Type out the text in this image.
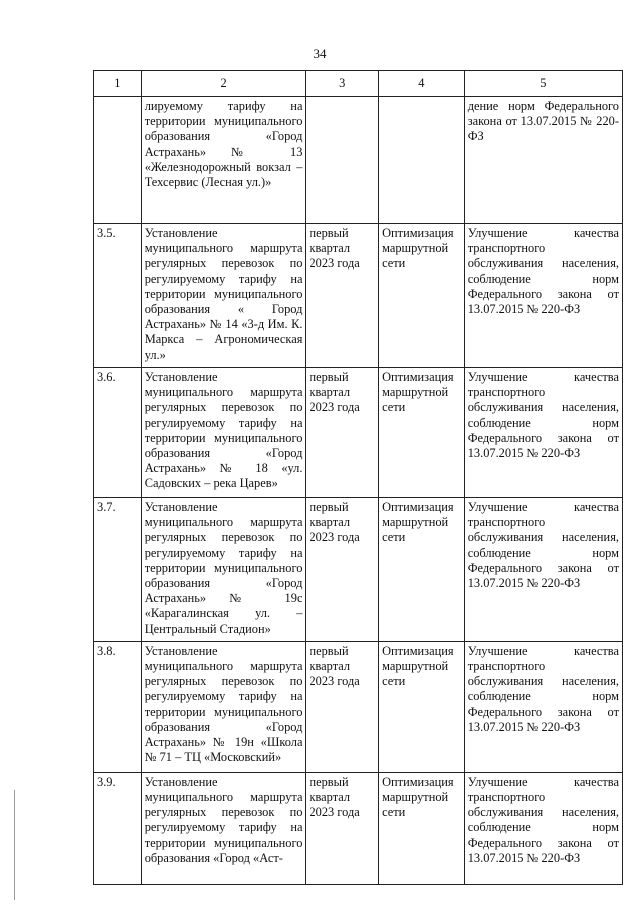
34
1	2	3	4	5
	лируемому тарифу на территории муниципального образования «Город Астрахань» № 13 «Железнодорожный вокзал – Техсервис (Лесная ул.)»			дение норм Федерального закона от 13.07.2015 № 220-ФЗ
3.5.	Установление муниципального маршрута регулярных перевозок по регулируемому тарифу на территории муниципального образования « Город Астрахань» № 14 «3-д Им. К. Маркса – Агрономическая ул.»	первый квартал 2023 года	Оптимизация маршрутной сети	Улучшение качества транспортного обслуживания населения, соблюдение норм Федерального закона от 13.07.2015 № 220-ФЗ
3.6.	Установление муниципального маршрута регулярных перевозок по регулируемому тарифу на территории муниципального образования «Город Астрахань» № 18 «ул. Садовских – река Царев»	первый квартал 2023 года	Оптимизация маршрутной сети	Улучшение качества транспортного обслуживания населения, соблюдение норм Федерального закона от 13.07.2015 № 220-ФЗ
3.7.	Установление муниципального маршрута регулярных перевозок по регулируемому тарифу на территории муниципального образования «Город Астрахань» № 19с «Карагалинская ул. – Центральный Стадион»	первый квартал 2023 года	Оптимизация маршрутной сети	Улучшение качества транспортного обслуживания населения, соблюдение норм Федерального закона от 13.07.2015 № 220-ФЗ
3.8.	Установление муниципального маршрута регулярных перевозок по регулируемому тарифу на территории муниципального образования «Город Астрахань» № 19н «Школа № 71 – ТЦ «Московский»	первый квартал 2023 года	Оптимизация маршрутной сети	Улучшение качества транспортного обслуживания населения, соблюдение норм Федерального закона от 13.07.2015 № 220-ФЗ
3.9.	Установление муниципального маршрута регулярных перевозок по регулируемому тарифу на территории муниципального образования «Город «Аст-	первый квартал 2023 года	Оптимизация маршрутной сети	Улучшение качества транспортного обслуживания населения, соблюдение норм Федерального закона от 13.07.2015 № 220-ФЗ
